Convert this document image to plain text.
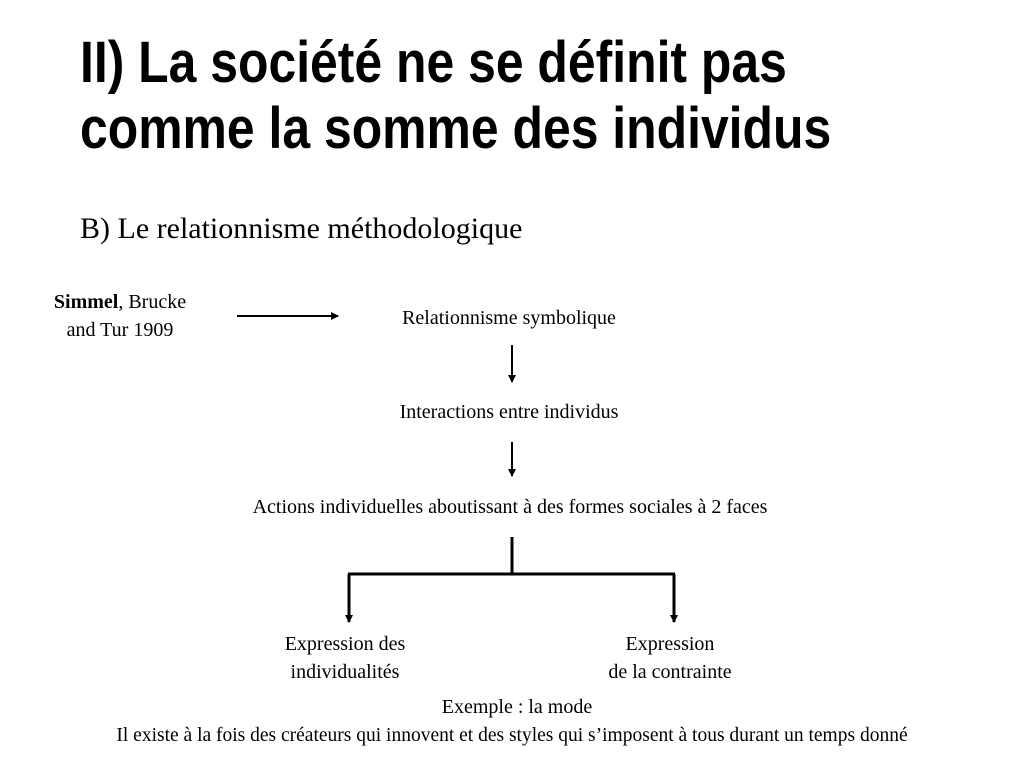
II) La société ne se définit pas
comme la somme des individus
B) Le relationnisme méthodologique
Simmel, Brucke
and Tur 1909
Relationnisme symbolique
Interactions entre individus
Actions individuelles aboutissant à des formes sociales à 2 faces
Expression des
individualités
Expression
de la contrainte
Exemple : la mode
Il existe à la fois des créateurs qui innovent et des styles qui s’imposent à tous durant un temps donné
